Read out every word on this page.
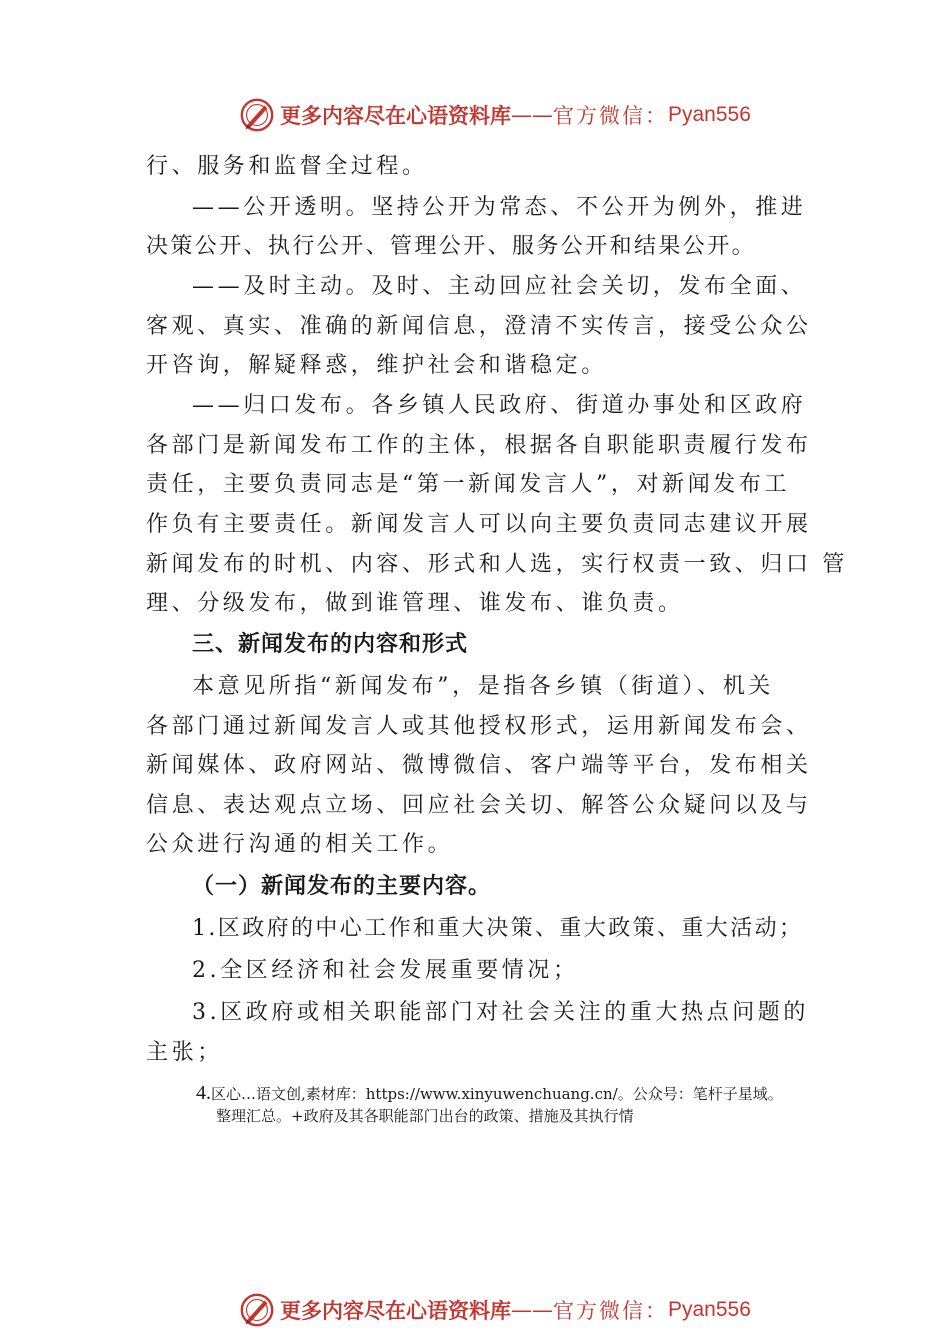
更多内容尽在心语资料库 —— 官方微信： Pyan556
行、服务和监督全过程。
——公开透明。坚持公开为常态、不公开为例外，推进
决策公开、执行公开、管理公开、服务公开和结果公开。
——及时主动。及时、主动回应社会关切，发布全面、
客观、真实、准确的新闻信息，澄清不实传言，接受公众公
开咨询，解疑释惑，维护社会和谐稳定。
——归口发布。各乡镇人民政府、街道办事处和区政府
各部门是新闻发布工作的主体，根据各自职能职责履行发布
责任，主要负责同志是“第一新闻发言人”，对新闻发布工
作负有主要责任。新闻发言人可以向主要负责同志建议开展
新闻发布的时机、内容、形式和人选，实行权责一致、归口 管
理、分级发布，做到谁管理、谁发布、谁负责。
三、新闻发布的内容和形式
本意见所指“新闻发布”，是指各乡镇（街道）、机关
各部门通过新闻发言人或其他授权形式，运用新闻发布会、
新闻媒体、政府网站、微博微信、客户端等平台，发布相关
信息、表达观点立场、回应社会关切、解答公众疑问以及与
公众进行沟通的相关工作。
（一）新闻发布的主要内容。
1.区政府的中心工作和重大决策、重大政策、重大活动；
2.全区经济和社会发展重要情况；
3.区政府或相关职能部门对社会关注的重大热点问题的
主张；
4.区心…语文创,素材库：https://www.xinyuwenchuang.cn/。公众号：笔杆子星域。
整理汇总。+政府及其各职能部门出台的政策、措施及其执行情
更多内容尽在心语资料库 —— 官方微信： Pyan556
